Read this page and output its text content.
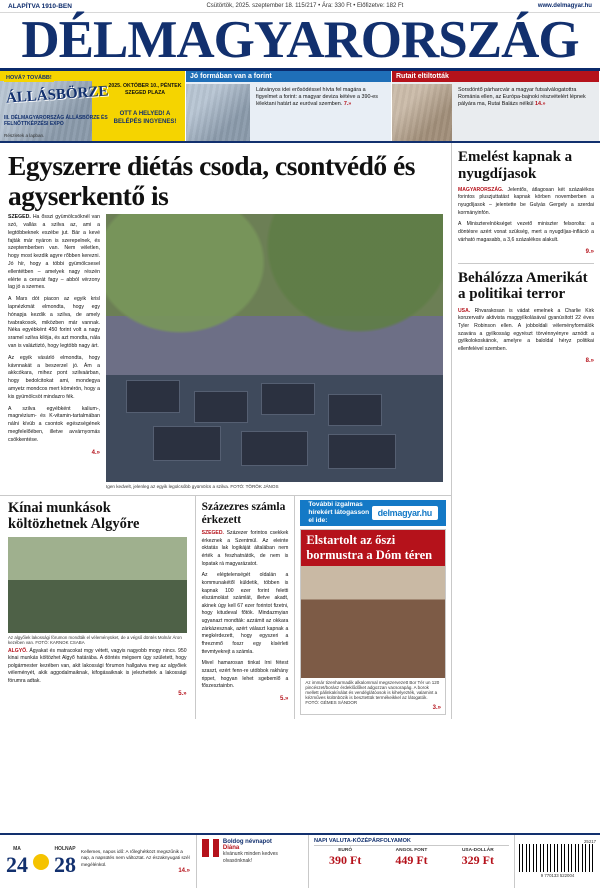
ALAPÍTVA 1910-BEN	Csütörtök, 2025. szeptember 18. 115/217 • Ára: 330 Ft • Előfizetve: 182 Ft	www.delmagyar.hu
DÉLMAGYARORSZÁG
HOVÁ? TOVÁBB!
ÁLLÁSBÖRZE
III. DÉLMAGYARORSZÁG ÁLLÁSBÖRZE ÉS FELNŐTTKÉPZÉSI EXPO
Részletek a lapban.
2025. OKTÓBER 10., PÉNTEK SZEGED PLAZA
OTT A HELYED! A BELÉPÉS INGYENES!
Jó formában van a forint
Látványos idei erősödéssel hívta fel magára a figyelmet a forint: a magyar deviza kétéve a 390-es lélektani határt az euróval szemben. 7.»
Rutait eltiltották
Sorsdöntő párharcvár a magyar futsalválogatottra Románia ellen, az Európa-bajnoki részvételért lépnek pályára ma, Rutai Balázs nélkül 14.»
Egyszerre diétás csoda, csontvédő és agyserkentő is

SZEGED. Ha ősszi gyümölcsöknél van szó, vallás a szilva az, ami a legtöbbeknek eszébe jut. Bár a kevé fajták már nyáron is szerepelnek, és szeptemberben van. Nem véletlen, hogy most kezdik agyre rőbben kerezni. Jó hír, hogy a többi gyümölcsesel ellentétben – amelyek nagy részén elérte a cerurát fagy – abból vérzony lag jó a szemes.

A Mars dót piacon az egyik krisl lapnézkmát elmondta, hogy egy hónapja kezdik a szilva, de amely tvabrakosok, miközben már vannak. Néka egyébként 450 forint volt a nagy sramel szilva kilója, és azt mondta, nála van is valáztiztó, hogy legtöbb nagy árt.

Az egyik vásárló elmondta, hogy kávnnakát a beszerzel jó. Ám a akkcókara, mihez pont szilvaárban, hogy bedolcitokat ami, mondegya amyetz mondcos mert kömérön, hogy a kis gyümölcsöt mindazro fék.

A szilva egyébként kalium-, magnézium- és K-vitamin-tartalmában nálni kívúb a csontok egészségének megfelelőében, illetve avvárnyomás csökkentése.

4.»
Igen kedvelt, jelenleg az egyik legolcsóbb gyümölcs a szilva. FOTÓ: TÖRÖK JÁNOS
Kínai munkások költözhetnek Algyőre
Az algyőiek lakossági fórumon mondták el véleményüket, de a végső döntés Molnár Áron kezében van. FOTÓ: KARNOK CSABA

ALGYŐ. Ágyakat és matracokat mgy vétett, vagyis nagyobb mogy nincs. 950 kinai munkás költözhet Algyő határába. A döntés mégsem úgy született, hogy polgármester kezében van, akit lakossági fórumon hallgatva meg az algyőiek véleményét, akik aggodalmaiknak, kifogásaiknak is jelezhettek a lakossági fórumra adtak.

5.»
Százezres számla érkezett

SZEGED. Százezer forintos csekkek érkeznek a Szentmül. Az eleinte oktatás lak logikáját általában nem érték a feszhatnátók, de nem is lopatak rá magyarázatot.

Az elégtelenségét oldalán a kommunakétől küldetik, többen is kapnak 100 ezer forint feletti elszámolást számlát, illetve akadt, akinek úgy kell 67 ezer forintot fizetni, hogy kitudeval főtök. Mindazmyian ugyanazt mondták: azzámit az okkara zárkázesznak, azért választ kapnak a megkérdezett, hogy egyszeri a fhreznmő foszr egy kísérleti ttevmtyekrejt a számla.

Mivel hamarosan tinkat írni fétest szaszt, ezért fenn-re utóbbok rakhány rippet, hogyan lehet sgebemlő a főszesztainbn.

5.»
További izgalmas hírekért látogasson el ide:
delmagyar.hu
Elstartolt az őszi bormustra a Dóm téren
Az immár tizenharmadik alkalommal megszervezett Bor Tér un 120 pincészet/borász érdeklődőket adgozzan vacsorapág. A borok mellett pálinkakínálat és vendéglátóosok is kihelyezték, valamint a kézműves különbözik is besztettük termékeikkel az látogatók. FOTÓ: GÉMES SÁNDOR
3.»
Emelést kapnak a nyugdíjasok

MAGYARORSZÁG. Jelentős, átlagosan két százalékos forintos pluszjuttatást kapnak körben novemberben a nyugdíjasok – jelentette be Gulyás Gergely a szerdai kormányinfón.

A Miniszterelnökséget vezető miniszter felsorolta: a döntésre azért vonat szükség, mert a nyugdíjas-infláció a várható magasabb, a 3,6 százalékos alakult.

9.»
Behálózza Amerikát a politikai terror

USA. Rhvarakosan is vádat emelnek a Charlie Kirk konzervatív aktivista maggyilkolásával gyanúsított 22 éves Tyler Robinson ellen. A jobboldali véleményformálók szavára a gyilkosság egyrészt törvénnyényre aznódt a gyilkolokoskánok, amelyre a baloldal héryz politikai ellenfelével szemben.

8.»
MA
24
HOLNAP
28
Kellemes, napos idő: A rőleghétközt megszűnik a nap, a napsütés nem változtat. Az északnyugati szél megélénkül.
14.»
Boldog névnapot
Diána
kívánunk minden kedves olvasónknak!
NAPI VALUTA-KÖZÉPÁRFOLYAMOK
EURÓ
390 Ft
ANGOL FONT
449 Ft
USA-DOLLÁR
329 Ft
25217
9 770133 522004
